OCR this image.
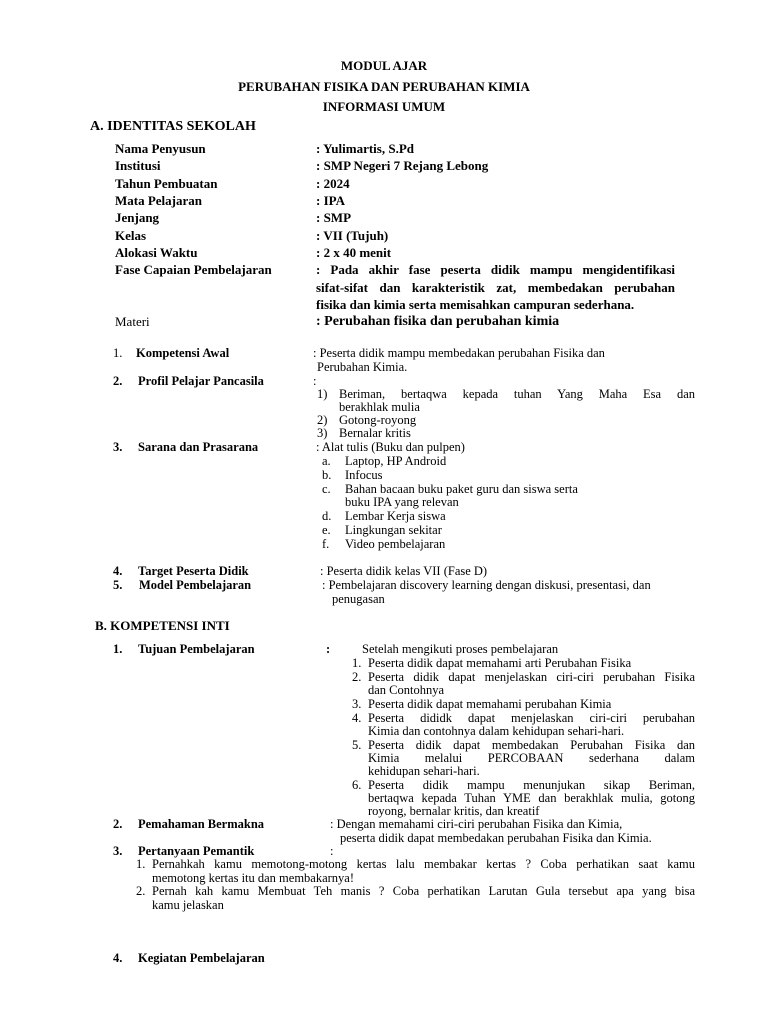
MODUL AJAR
PERUBAHAN FISIKA DAN PERUBAHAN KIMIA
INFORMASI UMUM
A. IDENTITAS SEKOLAH
Nama Penyusun	: Yulimartis, S.Pd
Institusi	: SMP Negeri 7 Rejang Lebong
Tahun Pembuatan	: 2024
Mata Pelajaran	: IPA
Jenjang	: SMP
Kelas	: VII (Tujuh)
Alokasi Waktu	: 2 x 40 menit
Fase Capaian Pembelajaran	: Pada akhir fase peserta didik mampu mengidentifikasi
sifat-sifat dan karakteristik zat, membedakan perubahan
fisika dan kimia serta memisahkan campuran sederhana.
Materi	: Perubahan fisika dan perubahan kimia
1. Kompetensi Awal	: Peserta didik mampu membedakan perubahan Fisika dan
Perubahan Kimia.
2. Profil Pelajar Pancasila	:
1) Beriman, bertaqwa kepada tuhan Yang Maha Esa dan
berakhlak mulia
2) Gotong-royong
3) Bernalar kritis
3. Sarana dan Prasarana	: Alat tulis (Buku dan pulpen)
a. Laptop, HP Android
b. Infocus
c. Bahan bacaan buku paket guru dan siswa serta
buku IPA yang relevan
d. Lembar Kerja siswa
e. Lingkungan sekitar
f. Video pembelajaran
4. Target Peserta Didik	: Peserta didik kelas VII (Fase D)
5. Model Pembelajaran	: Pembelajaran discovery learning dengan diskusi, presentasi, dan
penugasan
B. KOMPETENSI INTI
1. Tujuan Pembelajaran	:	Setelah mengikuti proses pembelajaran
1. Peserta didik dapat memahami arti Perubahan Fisika
2. Peserta didik dapat menjelaskan ciri-ciri perubahan Fisika
dan Contohnya
3. Peserta didik dapat memahami perubahan Kimia
4. Peserta dididk dapat menjelaskan ciri-ciri perubahan
Kimia dan contohnya dalam kehidupan sehari-hari.
5. Peserta didik dapat membedakan Perubahan Fisika dan
Kimia melalui PERCOBAAN sederhana dalam
kehidupan sehari-hari.
6. Peserta didik mampu menunjukan sikap Beriman,
bertaqwa kepada Tuhan YME dan berakhlak mulia, gotong
royong, bernalar kritis, dan kreatif
2. Pemahaman Bermakna	: Dengan memahami ciri-ciri perubahan Fisika dan Kimia,
peserta didik dapat membedakan perubahan Fisika dan Kimia.
3. Pertanyaan Pemantik	:
1. Pernahkah kamu memotong-motong kertas lalu membakar kertas ? Coba perhatikan saat kamu
memotong kertas itu dan membakarnya!
2. Pernah kah kamu Membuat Teh manis ? Coba perhatikan Larutan Gula tersebut apa yang bisa
kamu jelaskan
4. Kegiatan Pembelajaran
